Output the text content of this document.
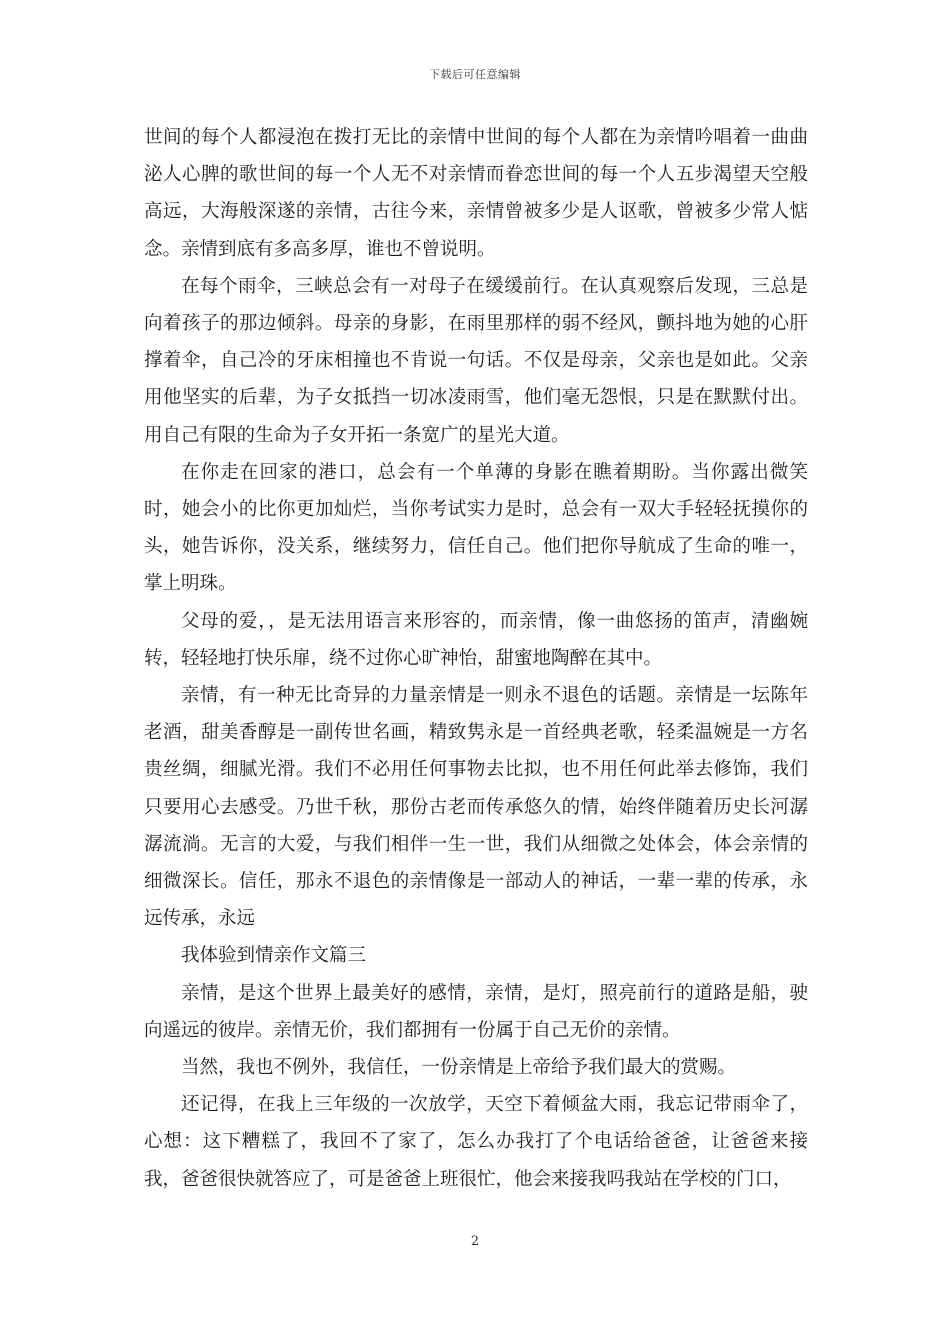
下载后可任意编辑

世间的每个人都浸泡在拨打无比的亲情中世间的每个人都在为亲情吟唱着一曲曲泌人心脾的歌世间的每一个人无不对亲情而眷恋世间的每一个人五步渴望天空般高远，大海般深遂的亲情，古往今来，亲情曾被多少是人讴歌，曾被多少常人惦念。亲情到底有多高多厚，谁也不曾说明。

在每个雨伞，三峡总会有一对母子在缓缓前行。在认真观察后发现，三总是向着孩子的那边倾斜。母亲的身影，在雨里那样的弱不经风，颤抖地为她的心肝撑着伞，自己冷的牙床相撞也不肯说一句话。不仅是母亲，父亲也是如此。父亲用他坚实的后辈，为子女抵挡一切冰凌雨雪，他们毫无怨恨，只是在默默付出。用自己有限的生命为子女开拓一条宽广的星光大道。

在你走在回家的港口，总会有一个单薄的身影在瞧着期盼。当你露出微笑时，她会小的比你更加灿烂，当你考试实力是时，总会有一双大手轻轻抚摸你的头，她告诉你，没关系，继续努力，信任自己。他们把你导航成了生命的唯一，掌上明珠。

父母的爱，，是无法用语言来形容的，而亲情，像一曲悠扬的笛声，清幽婉转，轻轻地打快乐扉，绕不过你心旷神怡，甜蜜地陶醉在其中。

亲情，有一种无比奇异的力量亲情是一则永不退色的话题。亲情是一坛陈年老酒，甜美香醇是一副传世名画，精致隽永是一首经典老歌，轻柔温婉是一方名贵丝绸，细腻光滑。我们不必用任何事物去比拟，也不用任何此举去修饰，我们只要用心去感受。乃世千秋，那份古老而传承悠久的情，始终伴随着历史长河潺潺流淌。无言的大爱，与我们相伴一生一世，我们从细微之处体会，体会亲情的细微深长。信任，那永不退色的亲情像是一部动人的神话，一辈一辈的传承，永远传承，永远

我体验到情亲作文篇三

亲情，是这个世界上最美好的感情，亲情，是灯，照亮前行的道路是船，驶向遥远的彼岸。亲情无价，我们都拥有一份属于自己无价的亲情。

当然，我也不例外，我信任，一份亲情是上帝给予我们最大的赏赐。

还记得，在我上三年级的一次放学，天空下着倾盆大雨，我忘记带雨伞了，心想：这下糟糕了，我回不了家了，怎么办我打了个电话给爸爸，让爸爸来接我，爸爸很快就答应了，可是爸爸上班很忙，他会来接我吗我站在学校的门口，

2
